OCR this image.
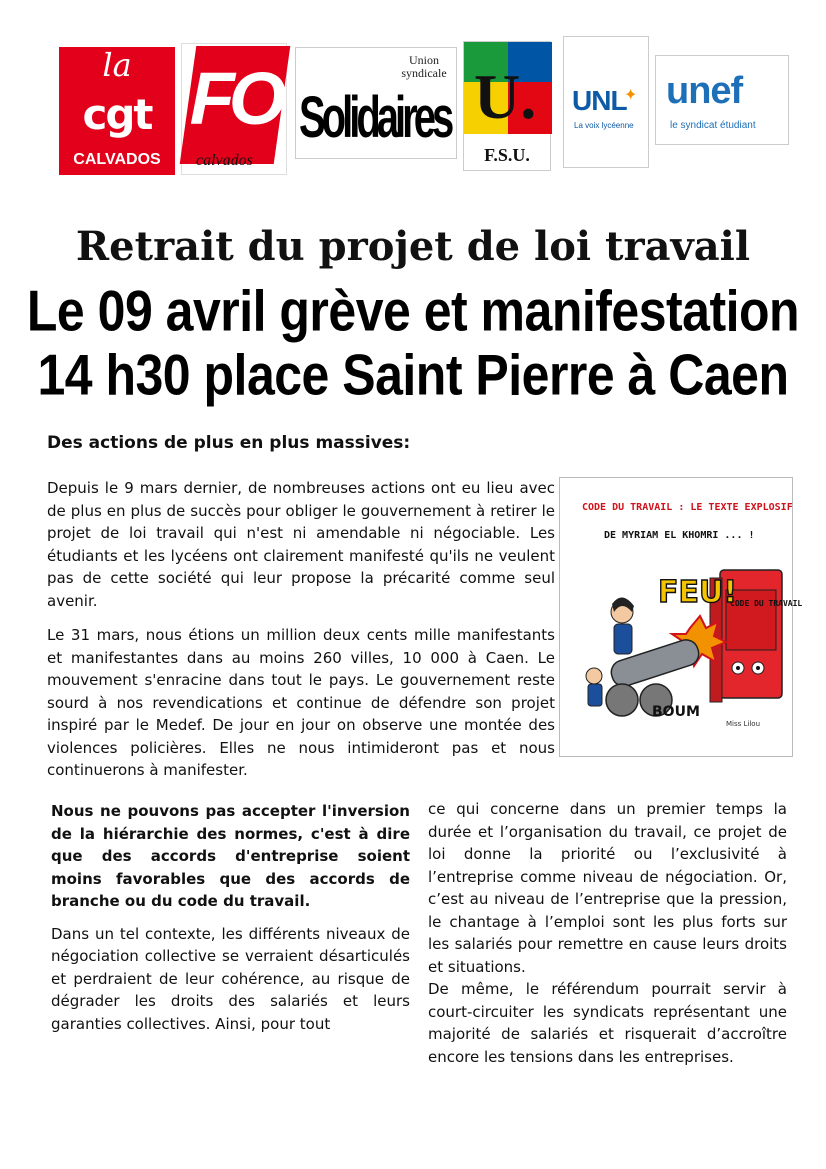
la
cgt
CALVADOS
FO
calvados
Union syndicale
Solidaires U.
F.S.U.
UNL
✦
La voix lycéenne
unef
le syndicat étudiant
Retrait du projet de loi travail
Le 09 avril grève et manifestation
14 h30 place Saint Pierre à Caen
Des actions de plus en plus massives:

Depuis le 9 mars dernier, de nombreuses actions ont eu lieu avec de plus en plus de succès pour obliger le gouvernement à retirer le projet de loi travail qui n'est ni amendable ni négociable. Les étudiants et les lycéens ont clairement manifesté qu'ils ne veulent pas de cette société qui leur propose la précarité comme seul avenir.

Le 31 mars, nous étions un million deux cents mille manifestants et manifestantes dans au moins 260 villes, 10 000 à Caen. Le mouvement s'enracine dans tout le pays. Le gouvernement reste sourd à nos revendications et continue de défendre son projet inspiré par le Medef. De jour en jour on observe une montée des violences policières. Elles ne nous intimideront pas et nous continuerons à manifester.

CODE DU TRAVAIL : LE TEXTE EXPLOSIF
DE MYRIAM EL KHOMRI ... !
CODE DU TRAVAIL
FEU!
BOUM
Miss Lilou

Nous ne pouvons pas accepter l'inversion de la hiérarchie des normes, c'est à dire que des accords d'entreprise soient moins favorables que des accords de branche ou du code du travail.

Dans un tel contexte, les différents niveaux de négociation collective se verraient désarticulés et perdraient de leur cohérence, au risque de dégrader les droits des salariés et leurs garanties collectives. Ainsi, pour tout

ce qui concerne dans un premier temps la durée et l’organisation du travail, ce projet de loi donne la priorité ou l’exclusivité à l’entreprise comme niveau de négociation. Or, c’est au niveau de l’entreprise que la pression, le chantage à l’emploi sont les plus forts sur les salariés pour remettre en cause leurs droits et situations.

De même, le référendum pourrait servir à court-circuiter les syndicats représentant une majorité de salariés et risquerait d’accroître encore les tensions dans les entreprises.
